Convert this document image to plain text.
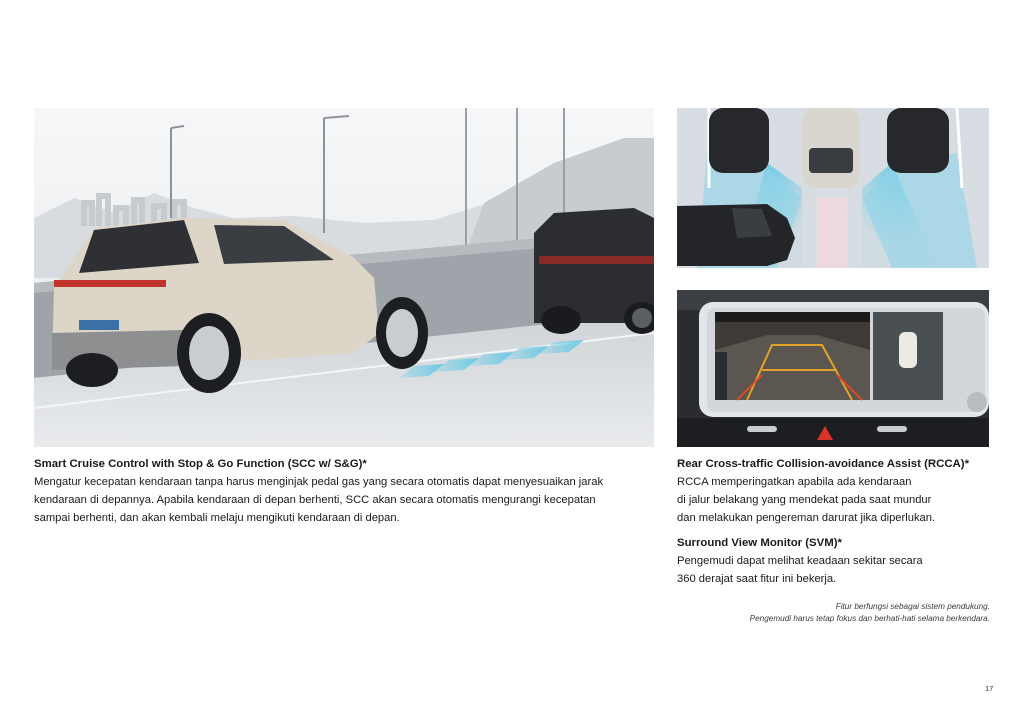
Smart Cruise Control with Stop & Go Function (SCC w/ S&G)*

Mengatur kecepatan kendaraan tanpa harus menginjak pedal gas yang secara otomatis dapat menyesuaikan jarak
kendaraan di depannya. Apabila kendaraan di depan berhenti, SCC akan secara otomatis mengurangi kecepatan
sampai berhenti, dan akan kembali melaju mengikuti kendaraan di depan.

Rear Cross-traffic Collision-avoidance Assist (RCCA)*

RCCA memperingatkan apabila ada kendaraan
di jalur belakang yang mendekat pada saat mundur
dan melakukan pengereman darurat jika diperlukan.

Surround View Monitor (SVM)*

Pengemudi dapat melihat keadaan sekitar secara
360 derajat saat fitur ini bekerja.

Fitur berfungsi sebagai sistem pendukung.
Pengemudi harus tetap fokus dan berhati-hati selama berkendara.
17
